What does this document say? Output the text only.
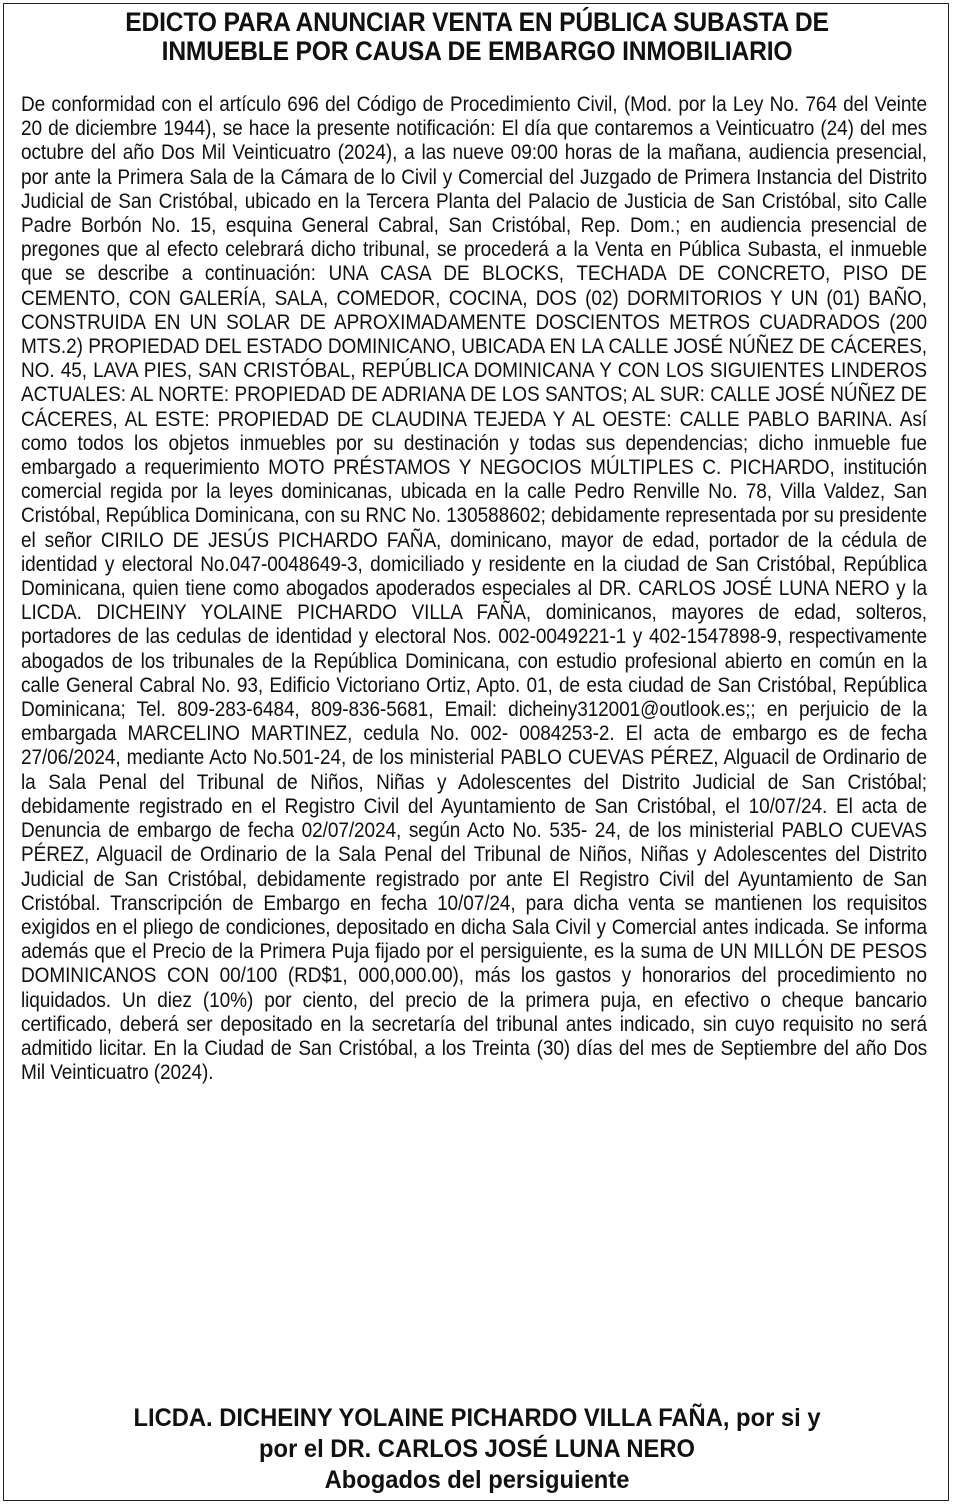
EDICTO PARA ANUNCIAR VENTA EN PÚBLICA SUBASTA DE
INMUEBLE POR CAUSA DE EMBARGO INMOBILIARIO

De conformidad con el artículo 696 del Código de Procedimiento Civil, (Mod. por la Ley No. 764 del Veinte 20 de diciembre 1944), se hace la presente notificación: El día que contaremos a Veinticuatro (24) del mes octubre del año Dos Mil Veinticuatro (2024), a las nueve 09:00 horas de la mañana, audiencia presencial, por ante la Primera Sala de la Cámara de lo Civil y Comercial del Juzgado de Primera Instancia del Distrito Judicial de San Cristóbal, ubicado en la Tercera Planta del Palacio de Justicia de San Cristóbal, sito Calle Padre Borbón No. 15, esquina General Cabral, San Cristóbal, Rep. Dom.; en audiencia presencial de pregones que al efecto celebrará dicho tribunal, se procederá a la Venta en Pública Subasta, el inmueble que se describe a continuación: UNA CASA DE BLOCKS, TECHADA DE CONCRETO, PISO DE CEMENTO, CON GALERÍA, SALA, COMEDOR, COCINA, DOS (02) DORMITORIOS Y UN (01) BAÑO, CONSTRUIDA EN UN SOLAR DE APROXIMADAMENTE DOSCIENTOS METROS CUADRADOS (200 MTS.2) PROPIEDAD DEL ESTADO DOMINICANO, UBICADA EN LA CALLE JOSÉ NÚÑEZ DE CÁCERES, NO. 45, LAVA PIES, SAN CRISTÓBAL, REPÚBLICA DOMINICANA Y CON LOS SIGUIENTES LINDEROS ACTUALES: AL NORTE: PROPIEDAD DE ADRIANA DE LOS SANTOS; AL SUR: CALLE JOSÉ NÚÑEZ DE CÁCERES, AL ESTE: PROPIEDAD DE CLAUDINA TEJEDA Y AL OESTE: CALLE PABLO BARINA. Así como todos los objetos inmuebles por su destinación y todas sus dependencias; dicho inmueble fue embargado a requerimiento MOTO PRÉSTAMOS Y NEGOCIOS MÚLTIPLES C. PICHARDO, institución comercial regida por la leyes dominicanas, ubicada en la calle Pedro Renville No. 78, Villa Valdez, San Cristóbal, República Dominicana, con su RNC No. 130588602; debidamente representada por su presidente el señor CIRILO DE JESÚS PICHARDO FAÑA, dominicano, mayor de edad, portador de la cédula de identidad y electoral No.047-0048649-3, domiciliado y residente en la ciudad de San Cristóbal, República Dominicana, quien tiene como abogados apoderados especiales al DR. CARLOS JOSÉ LUNA NERO y la LICDA. DICHEINY YOLAINE PICHARDO VILLA FAÑA, dominicanos, mayores de edad, solteros, portadores de las cedulas de identidad y electoral Nos. 002-0049221-1 y 402-1547898-9, respectivamente abogados de los tribunales de la República Dominicana, con estudio profesional abierto en común en la calle General Cabral No. 93, Edificio Victoriano Ortiz, Apto. 01, de esta ciudad de San Cristóbal, República Dominicana; Tel. 809-283-6484, 809-836-5681, Email: dicheiny312001@outlook.es;; en perjuicio de la embargada MARCELINO MARTINEZ, cedula No. 002- 0084253-2. El acta de embargo es de fecha 27/06/2024, mediante Acto No.501-24, de los ministerial PABLO CUEVAS PÉREZ, Alguacil de Ordinario de la Sala Penal del Tribunal de Niños, Niñas y Adolescentes del Distrito Judicial de San Cristóbal; debidamente registrado en el Registro Civil del Ayuntamiento de San Cristóbal, el 10/07/24. El acta de Denuncia de embargo de fecha 02/07/2024, según Acto No. 535- 24, de los ministerial PABLO CUEVAS PÉREZ, Alguacil de Ordinario de la Sala Penal del Tribunal de Niños, Niñas y Adolescentes del Distrito Judicial de San Cristóbal, debidamente registrado por ante El Registro Civil del Ayuntamiento de San Cristóbal. Transcripción de Embargo en fecha 10/07/24, para dicha venta se mantienen los requisitos exigidos en el pliego de condiciones, depositado en dicha Sala Civil y Comercial antes indicada. Se informa además que el Precio de la Primera Puja fijado por el persiguiente, es la suma de UN MILLÓN DE PESOS DOMINICANOS CON 00/100 (RD$1, 000,000.00), más los gastos y honorarios del procedimiento no liquidados. Un diez (10%) por ciento, del precio de la primera puja, en efectivo o cheque bancario certificado, deberá ser depositado en la secretaría del tribunal antes indicado, sin cuyo requisito no será admitido licitar. En la Ciudad de San Cristóbal, a los Treinta (30) días del mes de Septiembre del año Dos Mil Veinticuatro (2024).

LICDA. DICHEINY YOLAINE PICHARDO VILLA FAÑA, por si y
por el DR. CARLOS JOSÉ LUNA NERO
Abogados del persiguiente
